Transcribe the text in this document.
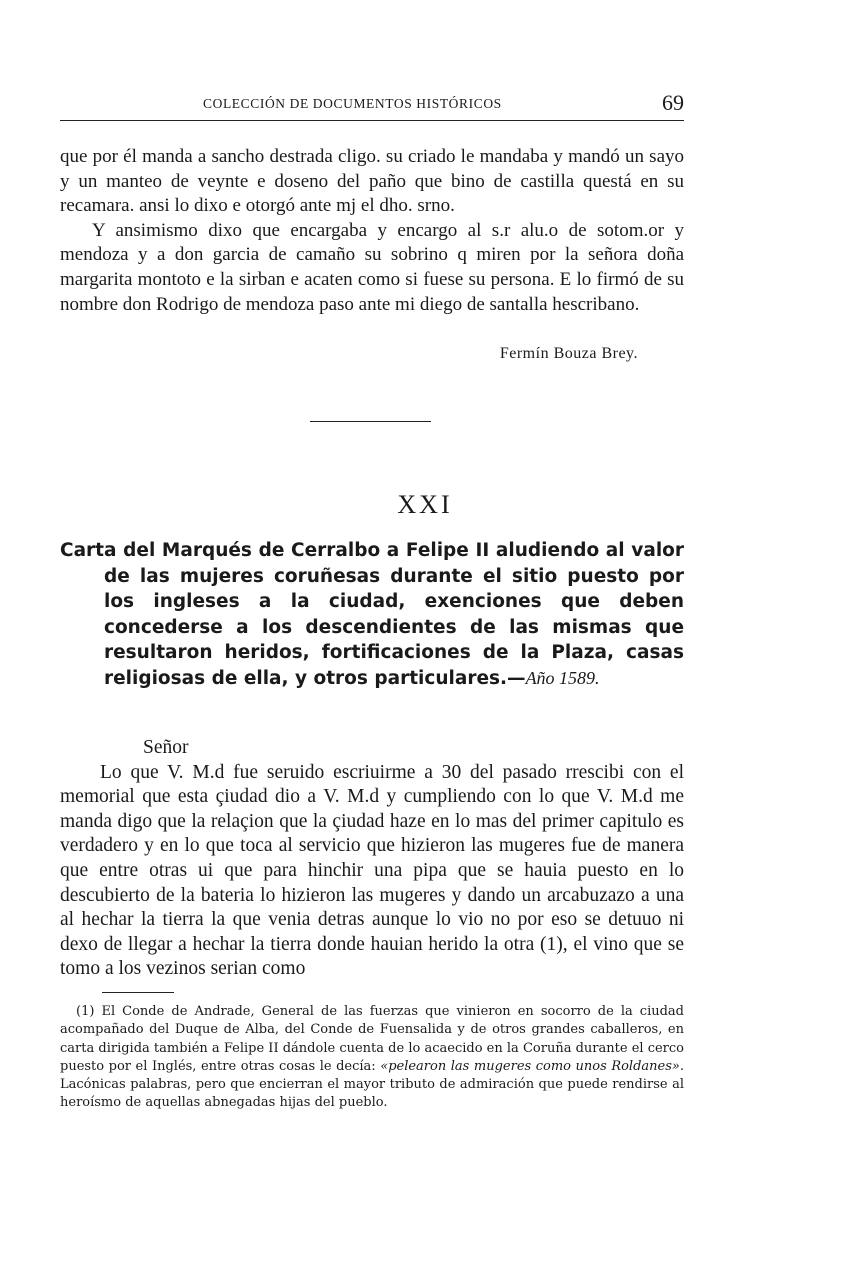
COLECCIÓN DE DOCUMENTOS HISTÓRICOS	69

que por él manda a sancho destrada cligo. su criado le mandaba y mandó un sayo y un manteo de veynte e doseno del paño que bino de castilla questá en su recamara. ansi lo dixo e otorgó ante mj el dho. srno.

Y ansimismo dixo que encargaba y encargo al s.r alu.o de sotom.or y mendoza y a don garcia de camaño su sobrino q miren por la señora doña margarita montoto e la sirban e acaten como si fuese su persona. E lo firmó de su nombre don Rodrigo de mendoza paso ante mi diego de santalla hescribano.

Fermín Bouza Brey.
XXI
Carta del Marqués de Cerralbo a Felipe II aludiendo al valor de las mujeres coruñesas durante el sitio puesto por los ingleses a la ciudad, exenciones que deben concederse a los descendientes de las mismas que resultaron heridos, fortificaciones de la Plaza, casas religiosas de ella, y otros particulares.—Año 1589.

Señor

Lo que V. M.d fue seruido escriuirme a 30 del pasado rrescibi con el memorial que esta çiudad dio a V. M.d y cumpliendo con lo que V. M.d me manda digo que la relaçion que la çiudad haze en lo mas del primer capitulo es verdadero y en lo que toca al servicio que hizieron las mugeres fue de manera que entre otras ui que para hinchir una pipa que se hauia puesto en lo descubierto de la bateria lo hizieron las mugeres y dando un arcabuzazo a una al hechar la tierra la que venia detras aunque lo vio no por eso se detuuo ni dexo de llegar a hechar la tierra donde hauian herido la otra (1), el vino que se tomo a los vezinos serian como

(1) El Conde de Andrade, General de las fuerzas que vinieron en socorro de la ciudad acompañado del Duque de Alba, del Conde de Fuensalida y de otros grandes caballeros, en carta dirigida también a Felipe II dándole cuenta de lo acaecido en la Coruña durante el cerco puesto por el Inglés, entre otras cosas le decía: «pelearon las mugeres como unos Roldanes». Lacónicas palabras, pero que encierran el mayor tributo de admiración que puede rendirse al heroísmo de aquellas abnegadas hijas del pueblo.
